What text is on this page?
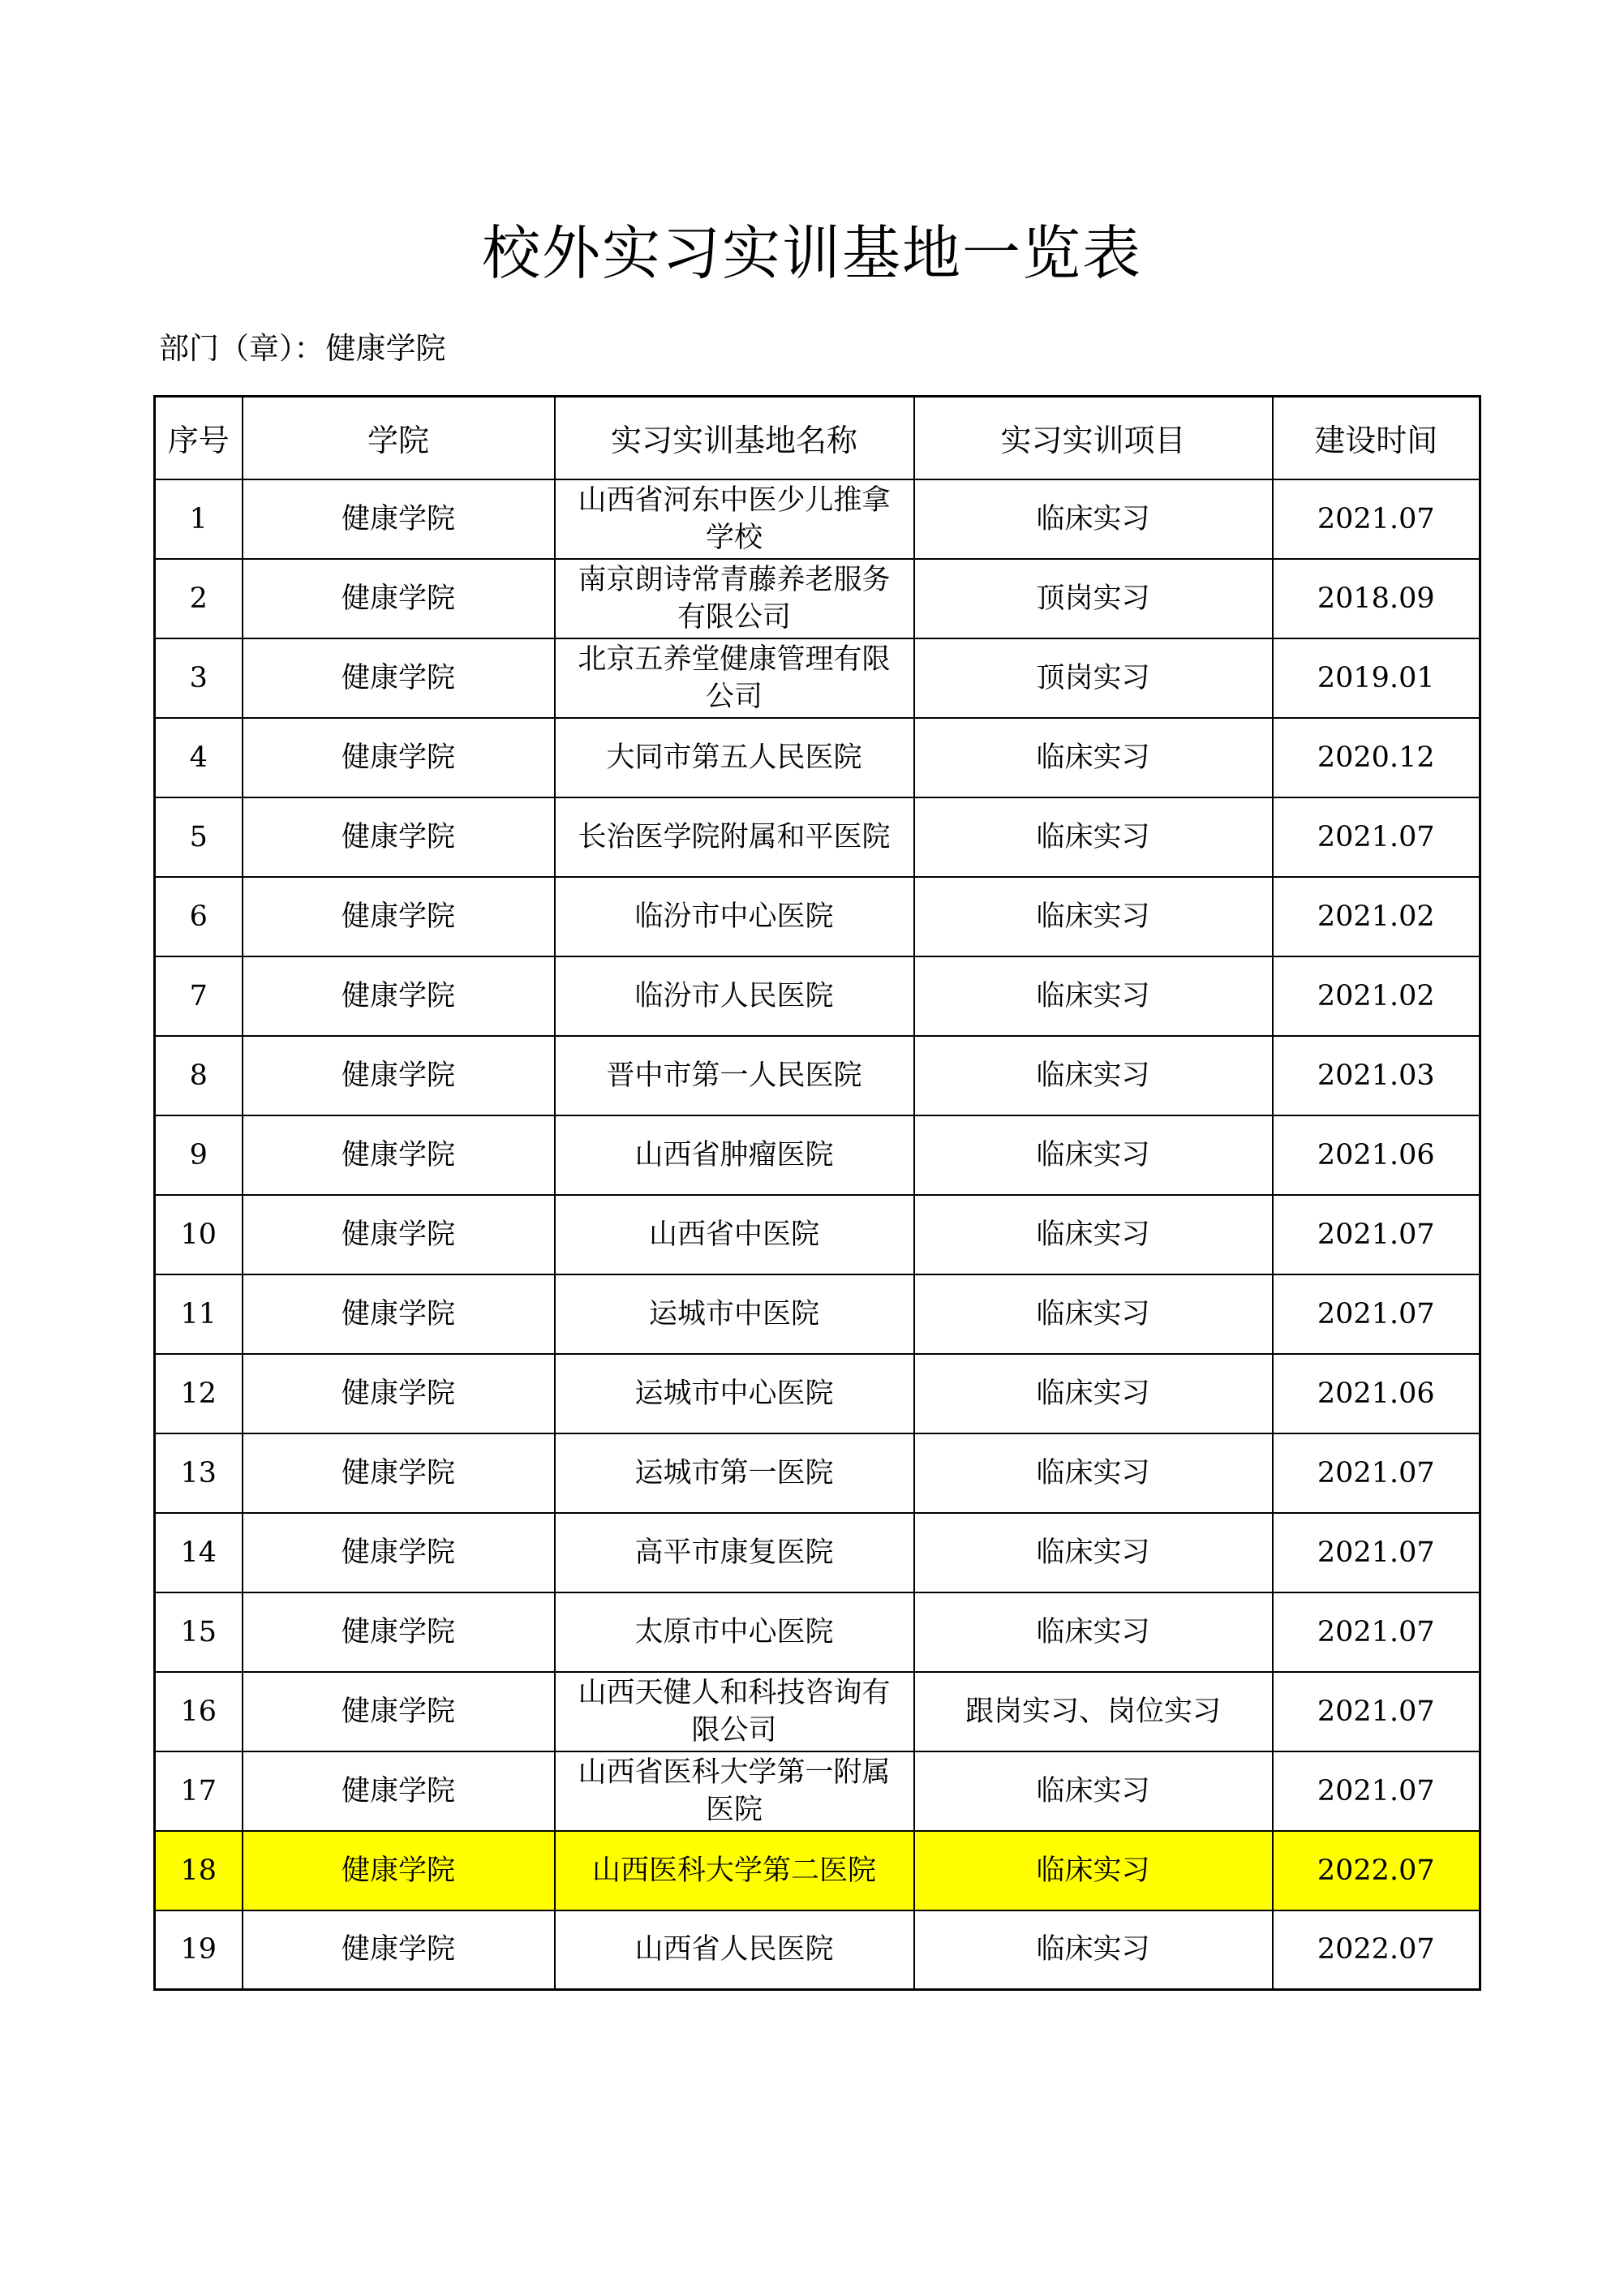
校外实习实训基地一览表
部门（章）：健康学院
序号	学院	实习实训基地名称	实习实训项目	建设时间
1	健康学院	山西省河东中医少儿推拿学校	临床实习	2021.07
2	健康学院	南京朗诗常青藤养老服务有限公司	顶岗实习	2018.09
3	健康学院	北京五养堂健康管理有限公司	顶岗实习	2019.01
4	健康学院	大同市第五人民医院	临床实习	2020.12
5	健康学院	长治医学院附属和平医院	临床实习	2021.07
6	健康学院	临汾市中心医院	临床实习	2021.02
7	健康学院	临汾市人民医院	临床实习	2021.02
8	健康学院	晋中市第一人民医院	临床实习	2021.03
9	健康学院	山西省肿瘤医院	临床实习	2021.06
10	健康学院	山西省中医院	临床实习	2021.07
11	健康学院	运城市中医院	临床实习	2021.07
12	健康学院	运城市中心医院	临床实习	2021.06
13	健康学院	运城市第一医院	临床实习	2021.07
14	健康学院	高平市康复医院	临床实习	2021.07
15	健康学院	太原市中心医院	临床实习	2021.07
16	健康学院	山西天健人和科技咨询有限公司	跟岗实习、岗位实习	2021.07
17	健康学院	山西省医科大学第一附属医院	临床实习	2021.07
18	健康学院	山西医科大学第二医院	临床实习	2022.07
19	健康学院	山西省人民医院	临床实习	2022.07
